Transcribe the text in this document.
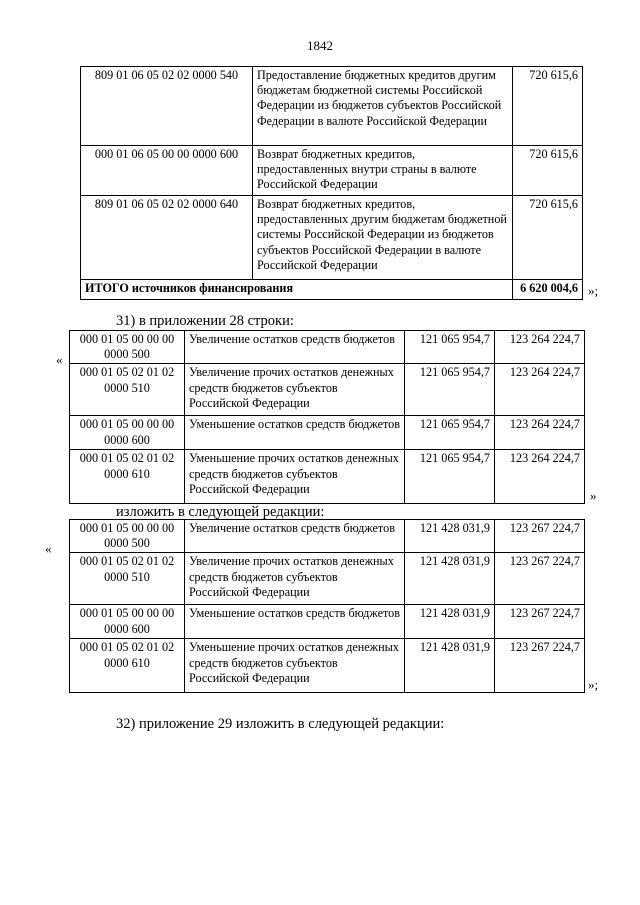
1842
809 01 06 05 02 02 0000 540	Предоставление бюджетных кредитов другим бюджетам бюджетной системы Российской Федерации из бюджетов субъектов Российской Федерации в валюте Российской Федерации	720 615,6
000 01 06 05 00 00 0000 600	Возврат бюджетных кредитов, предоставленных внутри страны в валюте Российской Федерации	720 615,6
809 01 06 05 02 02 0000 640	Возврат бюджетных кредитов, предоставленных другим бюджетам бюджетной системы Российской Федерации из бюджетов субъектов Российской Федерации в валюте Российской Федерации	720 615,6
ИТОГО источников финансирования		6 620 004,6 »;
31) в приложении 28 строки:
«
000 01 05 00 00 00 0000 500	Увеличение остатков средств бюджетов	121 065 954,7	123 264 224,7
000 01 05 02 01 02 0000 510	Увеличение прочих остатков денежных средств бюджетов субъектов Российской Федерации	121 065 954,7	123 264 224,7
000 01 05 00 00 00 0000 600	Уменьшение остатков средств бюджетов	121 065 954,7	123 264 224,7
000 01 05 02 01 02 0000 610	Уменьшение прочих остатков денежных средств бюджетов субъектов Российской Федерации	121 065 954,7	123 264 224,7
»
изложить в следующей редакции:
«
000 01 05 00 00 00 0000 500	Увеличение остатков средств бюджетов	121 428 031,9	123 267 224,7
000 01 05 02 01 02 0000 510	Увеличение прочих остатков денежных средств бюджетов субъектов Российской Федерации	121 428 031,9	123 267 224,7
000 01 05 00 00 00 0000 600	Уменьшение остатков средств бюджетов	121 428 031,9	123 267 224,7
000 01 05 02 01 02 0000 610	Уменьшение прочих остатков денежных средств бюджетов субъектов Российской Федерации	121 428 031,9	123 267 224,7
»;
32) приложение 29 изложить в следующей редакции:
